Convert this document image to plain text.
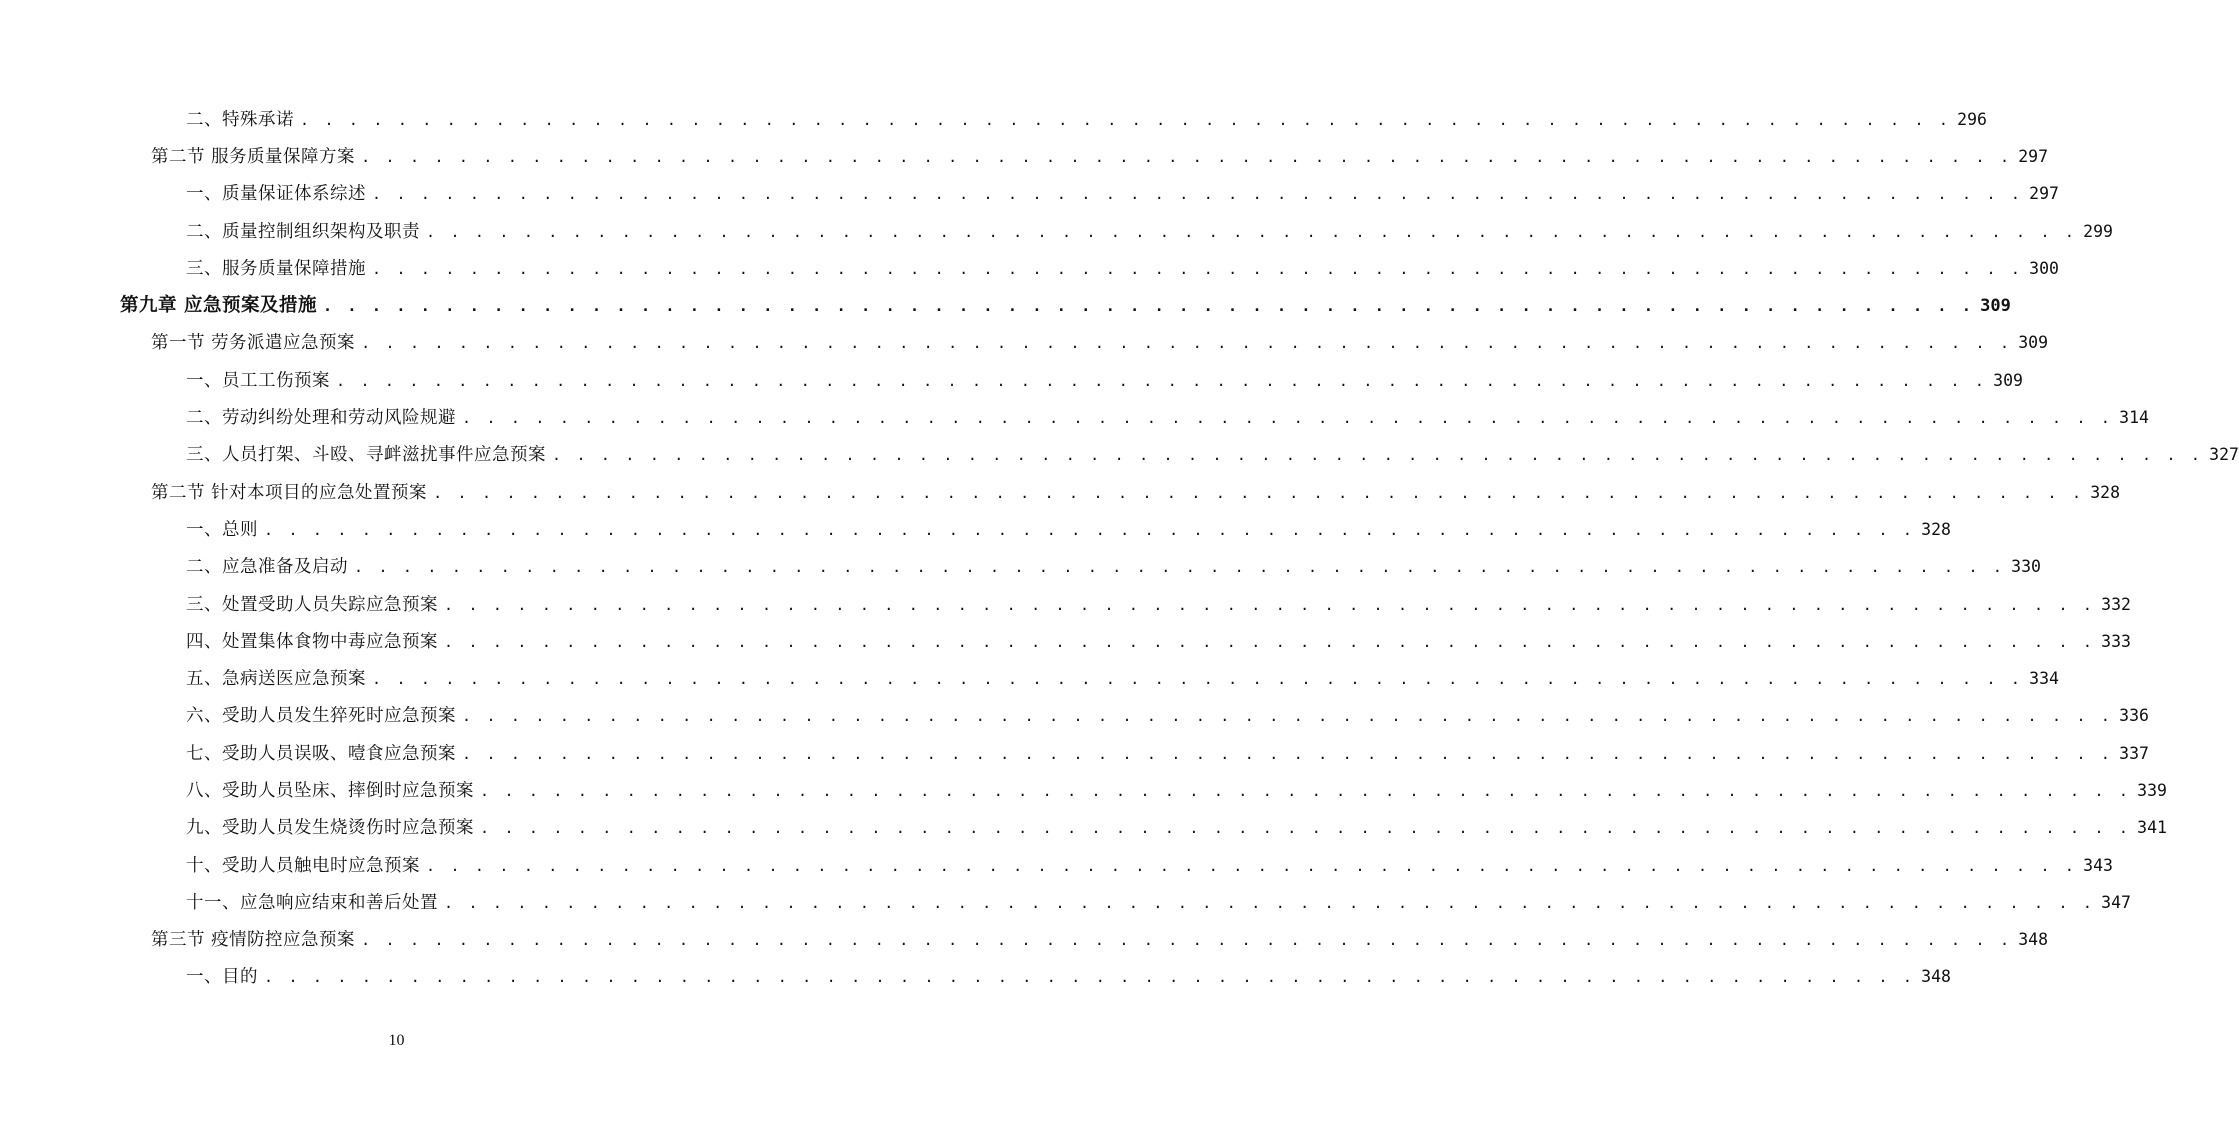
二、特殊承诺 . . . . . . . . . . . . . . . . . . . . . . . . . . . . . . . . . . . . . . . . . . . . . . . . . . . . . . . . . . . . . . . . . . . . 296
第二节 服务质量保障方案 . . . . . . . . . . . . . . . . . . . . . . . . . . . . . . . . . . . . . . . . . . . . . . . . . . . . . . . . . . . . . . . . . . . . 297
一、质量保证体系综述 . . . . . . . . . . . . . . . . . . . . . . . . . . . . . . . . . . . . . . . . . . . . . . . . . . . . . . . . . . . . . . . . . . . . 297
二、质量控制组织架构及职责 . . . . . . . . . . . . . . . . . . . . . . . . . . . . . . . . . . . . . . . . . . . . . . . . . . . . . . . . . . . . . . . . . . . . 299
三、服务质量保障措施 . . . . . . . . . . . . . . . . . . . . . . . . . . . . . . . . . . . . . . . . . . . . . . . . . . . . . . . . . . . . . . . . . . . . 300
第九章 应急预案及措施 . . . . . . . . . . . . . . . . . . . . . . . . . . . . . . . . . . . . . . . . . . . . . . . . . . . . . . . . . . . . . . . . . . . . 309
第一节 劳务派遣应急预案 . . . . . . . . . . . . . . . . . . . . . . . . . . . . . . . . . . . . . . . . . . . . . . . . . . . . . . . . . . . . . . . . . . . . 309
一、员工工伤预案 . . . . . . . . . . . . . . . . . . . . . . . . . . . . . . . . . . . . . . . . . . . . . . . . . . . . . . . . . . . . . . . . . . . . 309
二、劳动纠纷处理和劳动风险规避 . . . . . . . . . . . . . . . . . . . . . . . . . . . . . . . . . . . . . . . . . . . . . . . . . . . . . . . . . . . . . . . . . . . . 314
三、人员打架、斗殴、寻衅滋扰事件应急预案 . . . . . . . . . . . . . . . . . . . . . . . . . . . . . . . . . . . . . . . . . . . . . . . . . . . . . . . . . . . . . . . . . . . . 327
第二节 针对本项目的应急处置预案 . . . . . . . . . . . . . . . . . . . . . . . . . . . . . . . . . . . . . . . . . . . . . . . . . . . . . . . . . . . . . . . . . . . . 328
一、总则 . . . . . . . . . . . . . . . . . . . . . . . . . . . . . . . . . . . . . . . . . . . . . . . . . . . . . . . . . . . . . . . . . . . . 328
二、应急准备及启动 . . . . . . . . . . . . . . . . . . . . . . . . . . . . . . . . . . . . . . . . . . . . . . . . . . . . . . . . . . . . . . . . . . . . 330
三、处置受助人员失踪应急预案 . . . . . . . . . . . . . . . . . . . . . . . . . . . . . . . . . . . . . . . . . . . . . . . . . . . . . . . . . . . . . . . . . . . . 332
四、处置集体食物中毒应急预案 . . . . . . . . . . . . . . . . . . . . . . . . . . . . . . . . . . . . . . . . . . . . . . . . . . . . . . . . . . . . . . . . . . . . 333
五、急病送医应急预案 . . . . . . . . . . . . . . . . . . . . . . . . . . . . . . . . . . . . . . . . . . . . . . . . . . . . . . . . . . . . . . . . . . . . 334
六、受助人员发生猝死时应急预案 . . . . . . . . . . . . . . . . . . . . . . . . . . . . . . . . . . . . . . . . . . . . . . . . . . . . . . . . . . . . . . . . . . . . 336
七、受助人员误吸、噎食应急预案 . . . . . . . . . . . . . . . . . . . . . . . . . . . . . . . . . . . . . . . . . . . . . . . . . . . . . . . . . . . . . . . . . . . . 337
八、受助人员坠床、摔倒时应急预案 . . . . . . . . . . . . . . . . . . . . . . . . . . . . . . . . . . . . . . . . . . . . . . . . . . . . . . . . . . . . . . . . . . . . 339
九、受助人员发生烧烫伤时应急预案 . . . . . . . . . . . . . . . . . . . . . . . . . . . . . . . . . . . . . . . . . . . . . . . . . . . . . . . . . . . . . . . . . . . . 341
十、受助人员触电时应急预案 . . . . . . . . . . . . . . . . . . . . . . . . . . . . . . . . . . . . . . . . . . . . . . . . . . . . . . . . . . . . . . . . . . . . 343
十一、应急响应结束和善后处置 . . . . . . . . . . . . . . . . . . . . . . . . . . . . . . . . . . . . . . . . . . . . . . . . . . . . . . . . . . . . . . . . . . . . 347
第三节 疫情防控应急预案 . . . . . . . . . . . . . . . . . . . . . . . . . . . . . . . . . . . . . . . . . . . . . . . . . . . . . . . . . . . . . . . . . . . . 348
一、目的 . . . . . . . . . . . . . . . . . . . . . . . . . . . . . . . . . . . . . . . . . . . . . . . . . . . . . . . . . . . . . . . . . . . . 348
10
